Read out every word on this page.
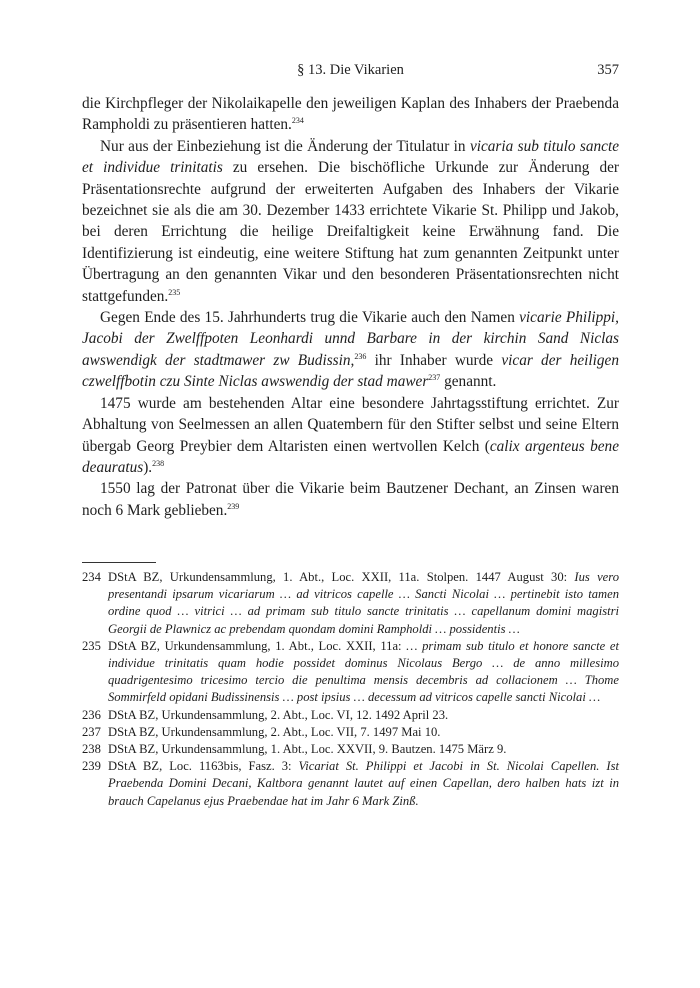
§ 13. Die Vikarien	357

die Kirchpfleger der Nikolaikapelle den jeweiligen Kaplan des Inhabers der Praebenda Rampholdi zu präsentieren hatten.$^{234}$

Nur aus der Einbeziehung ist die Änderung der Titulatur in vicaria sub titulo sancte et individue trinitatis zu ersehen. Die bischöfliche Urkunde zur Änderung der Präsentationsrechte aufgrund der erweiterten Aufgaben des Inhabers der Vikarie bezeichnet sie als die am 30. Dezember 1433 errichtete Vikarie St. Philipp und Jakob, bei deren Errichtung die heilige Dreifaltigkeit keine Erwähnung fand. Die Identifizierung ist eindeutig, eine weitere Stiftung hat zum genannten Zeitpunkt unter Übertragung an den genannten Vikar und den besonderen Präsentationsrechten nicht stattgefunden.$^{235}$

Gegen Ende des 15. Jahrhunderts trug die Vikarie auch den Namen vicarie Philippi, Jacobi der Zwelffpoten Leonhardi unnd Barbare in der kirchin Sand Niclas awswendigk der stadtmawer zw Budissin,$^{236}$ ihr Inhaber wurde vicar der heiligen czwelffbotin czu Sinte Niclas awswendig der stad mawer$^{237}$ genannt.

1475 wurde am bestehenden Altar eine besondere Jahrtagsstiftung errichtet. Zur Abhaltung von Seelmessen an allen Quatembern für den Stifter selbst und seine Eltern übergab Georg Preybier dem Altaristen einen wertvollen Kelch (calix argenteus bene deauratus).$^{238}$

1550 lag der Patronat über die Vikarie beim Bautzener Dechant, an Zinsen waren noch 6 Mark geblieben.$^{239}$

234 DStA BZ, Urkundensammlung, 1. Abt., Loc. XXII, 11a. Stolpen. 1447 August 30: Ius vero presentandi ipsarum vicariarum … ad vitricos capelle … Sancti Nicolai … pertinebit isto tamen ordine quod … vitrici … ad primam sub titulo sancte trinitatis … capellanum domini magistri Georgii de Plawnicz ac prebendam quondam domini Rampholdi … possidentis …
235 DStA BZ, Urkundensammlung, 1. Abt., Loc. XXII, 11a: … primam sub titulo et honore sancte et individue trinitatis quam hodie possidet dominus Nicolaus Bergo … de anno millesimo quadrigentesimo tricesimo tercio die penultima mensis decembris ad collacionem … Thome Sommirfeld opidani Budissinensis … post ipsius … decessum ad vitricos capelle sancti Nicolai …
236 DStA BZ, Urkundensammlung, 2. Abt., Loc. VI, 12. 1492 April 23.
237 DStA BZ, Urkundensammlung, 2. Abt., Loc. VII, 7. 1497 Mai 10.
238 DStA BZ, Urkundensammlung, 1. Abt., Loc. XXVII, 9. Bautzen. 1475 März 9.
239 DStA BZ, Loc. 1163bis, Fasz. 3: Vicariat St. Philippi et Jacobi in St. Nicolai Capellen. Ist Praebenda Domini Decani, Kaltbora genannt lautet auf einen Capellan, dero halben hats izt in brauch Capelanus ejus Praebendae hat im Jahr 6 Mark Zinß.
